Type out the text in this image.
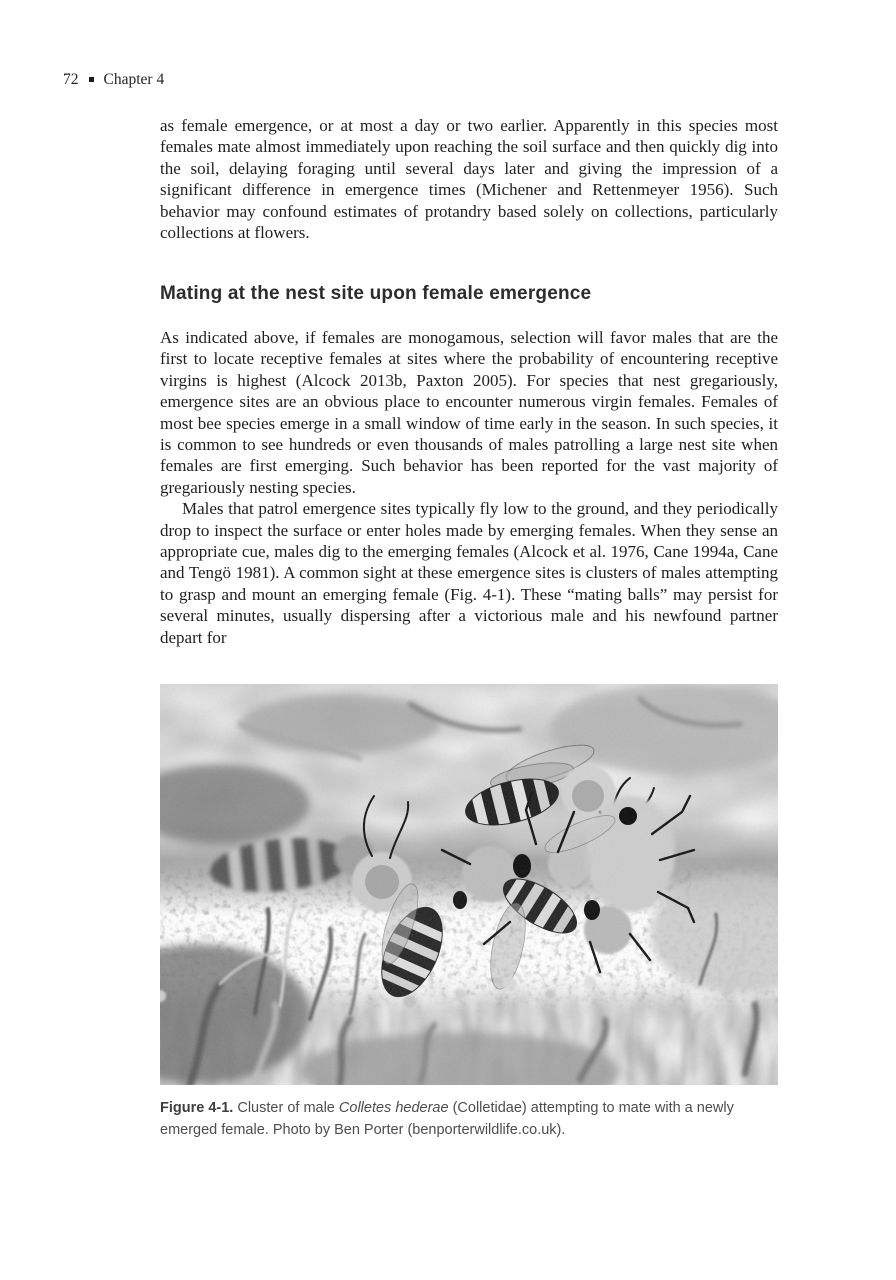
72 Chapter 4

as female emergence, or at most a day or two earlier. Apparently in this species most females mate almost immediately upon reaching the soil surface and then quickly dig into the soil, delaying foraging until several days later and giving the impression of a significant difference in emergence times (Michener and Rettenmeyer 1956). Such behavior may confound estimates of protandry based solely on collections, particularly collections at flowers.

Mating at the nest site upon female emergence

As indicated above, if females are monogamous, selection will favor males that are the first to locate receptive females at sites where the probability of encountering receptive virgins is highest (Alcock 2013b, Paxton 2005). For species that nest gregariously, emergence sites are an obvious place to encounter numerous virgin females. Females of most bee species emerge in a small window of time early in the season. In such species, it is common to see hundreds or even thousands of males patrolling a large nest site when females are first emerging. Such behavior has been reported for the vast majority of gregariously nesting species.

Males that patrol emergence sites typically fly low to the ground, and they periodically drop to inspect the surface or enter holes made by emerging females. When they sense an appropriate cue, males dig to the emerging females (Alcock et al. 1976, Cane 1994a, Cane and Tengö 1981). A common sight at these emergence sites is clusters of males attempting to grasp and mount an emerging female (Fig. 4-1). These “mating balls” may persist for several minutes, usually dispersing after a victorious male and his newfound partner depart for

Figure 4-1. Cluster of male Colletes hederae (Colletidae) attempting to mate with a newly emerged female. Photo by Ben Porter (benporterwildlife.co.uk).
